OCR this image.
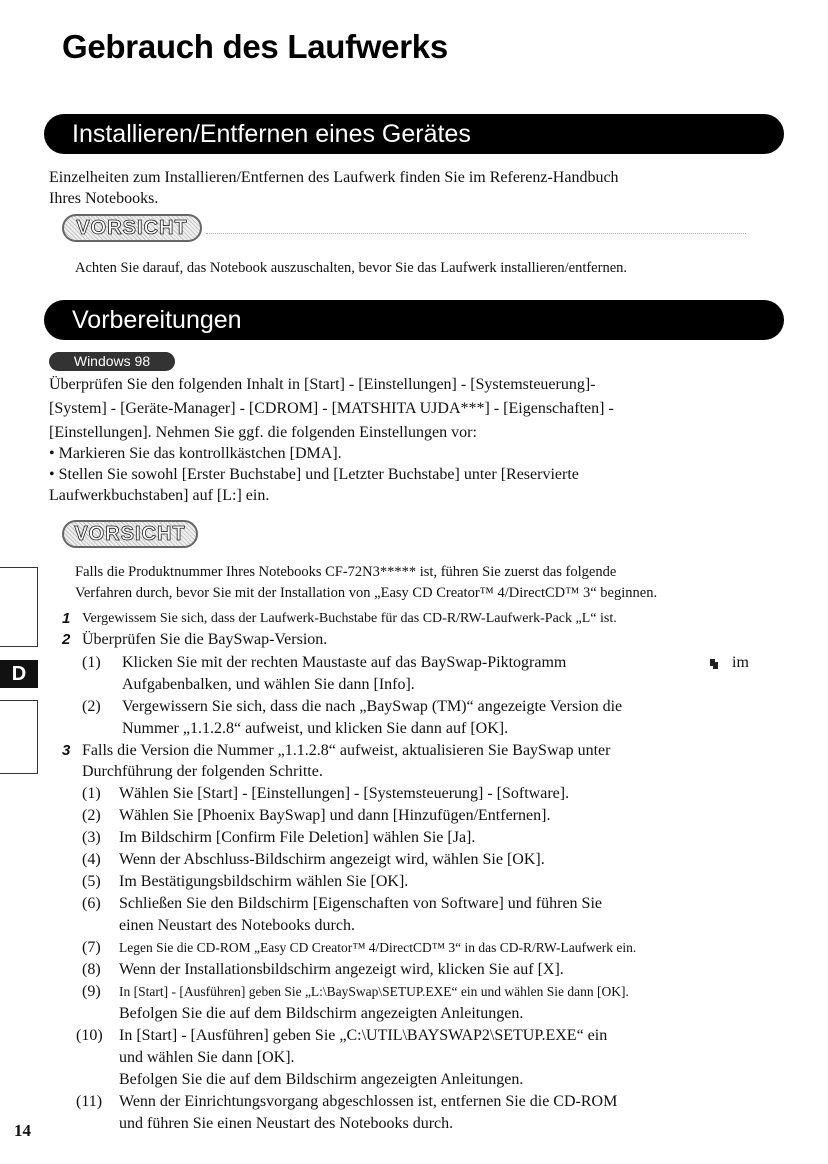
Gebrauch des Laufwerks
Installieren/Entfernen eines Gerätes
Einzelheiten zum Installieren/Entfernen des Laufwerk finden Sie im Referenz-Handbuch
Ihres Notebooks.
VORSICHT
Achten Sie darauf, das Notebook auszuschalten, bevor Sie das Laufwerk installieren/entfernen.
Vorbereitungen
Windows 98
Überprüfen Sie den folgenden Inhalt in [Start] - [Einstellungen] - [Systemsteuerung]-
[System] - [Geräte-Manager] - [CDROM] - [MATSHITA UJDA***] - [Eigenschaften] -
[Einstellungen]. Nehmen Sie ggf. die folgenden Einstellungen vor:
• Markieren Sie das kontrollkästchen [DMA].
• Stellen Sie sowohl [Erster Buchstabe] und [Letzter Buchstabe] unter [Reservierte
Laufwerkbuchstaben] auf [L:] ein.
VORSICHT
Falls die Produktnummer Ihres Notebooks CF-72N3***** ist, führen Sie zuerst das folgende
Verfahren durch, bevor Sie mit der Installation von „Easy CD Creator™ 4/DirectCD™ 3“ beginnen.
1 Vergewissem Sie sich, dass der Laufwerk-Buchstabe für das CD-R/RW-Laufwerk-Pack „L“ ist.
2 Überprüfen Sie die BaySwap-Version.
(1) Klicken Sie mit der rechten Maustaste auf das BaySwap-Piktogramm	im
Aufgabenbalken, und wählen Sie dann [Info].
(2) Vergewissern Sie sich, dass die nach „BaySwap (TM)“ angezeigte Version die
Nummer „1.1.2.8“ aufweist, und klicken Sie dann auf [OK].
3 Falls die Version die Nummer „1.1.2.8“ aufweist, aktualisieren Sie BaySwap unter
Durchführung der folgenden Schritte.
(1) Wählen Sie [Start] - [Einstellungen] - [Systemsteuerung] - [Software].
(2) Wählen Sie [Phoenix BaySwap] und dann [Hinzufügen/Entfernen].
(3) Im Bildschirm [Confirm File Deletion] wählen Sie [Ja].
(4) Wenn der Abschluss-Bildschirm angezeigt wird, wählen Sie [OK].
(5) Im Bestätigungsbildschirm wählen Sie [OK].
(6) Schließen Sie den Bildschirm [Eigenschaften von Software] und führen Sie
einen Neustart des Notebooks durch.
(7) Legen Sie die CD-ROM „Easy CD Creator™ 4/DirectCD™ 3“ in das CD-R/RW-Laufwerk ein.
(8) Wenn der Installationsbildschirm angezeigt wird, klicken Sie auf [X].
(9) In [Start] - [Ausführen] geben Sie „L:\BaySwap\SETUP.EXE“ ein und wählen Sie dann [OK].
Befolgen Sie die auf dem Bildschirm angezeigten Anleitungen.
(10) In [Start] - [Ausführen] geben Sie „C:\UTIL\BAYSWAP2\SETUP.EXE“ ein
und wählen Sie dann [OK].
Befolgen Sie die auf dem Bildschirm angezeigten Anleitungen.
(11) Wenn der Einrichtungsvorgang abgeschlossen ist, entfernen Sie die CD-ROM
und führen Sie einen Neustart des Notebooks durch.
D
14
